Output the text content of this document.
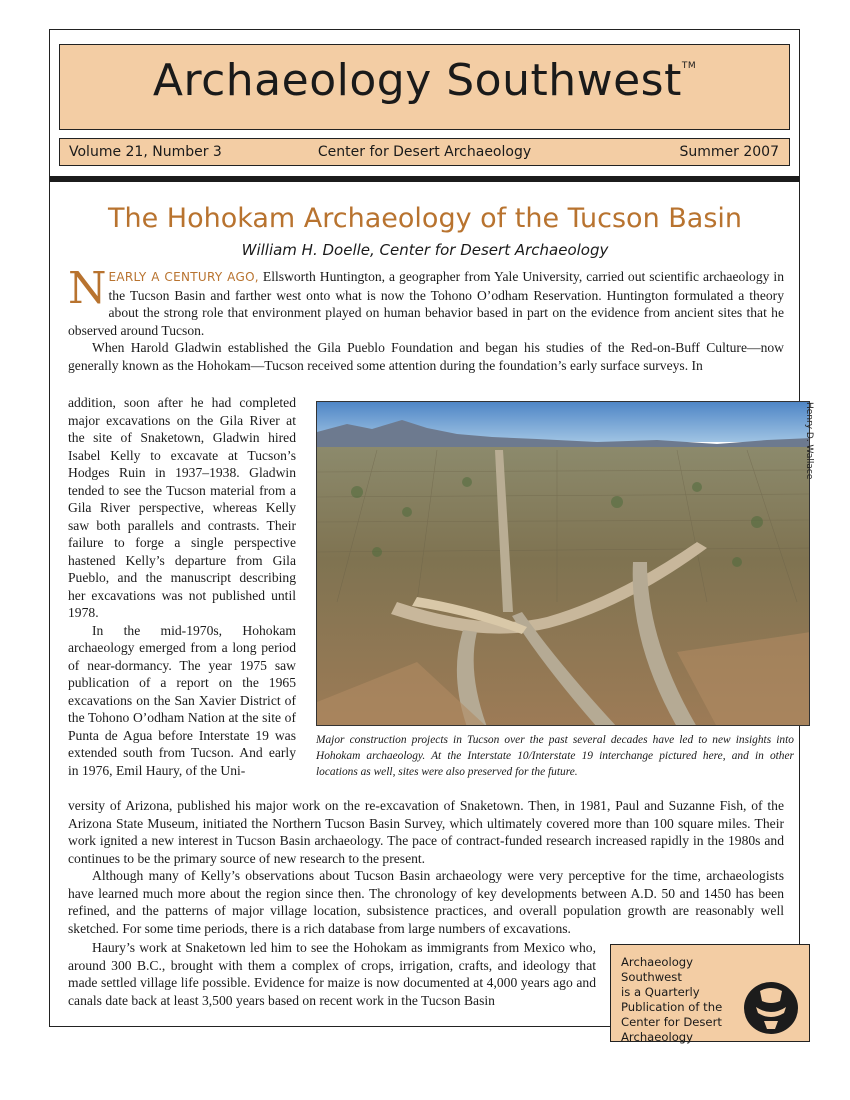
Archaeology Southwest™
Volume 21, Number 3	Center for Desert Archaeology	Summer 2007
The Hohokam Archaeology of the Tucson Basin
William H. Doelle, Center for Desert Archaeology
NEARLY A CENTURY AGO, Ellsworth Huntington, a geographer from Yale University, carried out scientific archaeology in the Tucson Basin and farther west onto what is now the Tohono O’odham Reservation. Huntington formulated a theory about the strong role that environment played on human behavior based in part on the evidence from ancient sites that he observed around Tucson.
When Harold Gladwin established the Gila Pueblo Foundation and began his studies of the Red-on-Buff Culture—now generally known as the Hohokam—Tucson received some attention during the foundation’s early surface surveys. In
addition, soon after he had completed major excavations on the Gila River at the site of Snaketown, Gladwin hired Isabel Kelly to excavate at Tucson’s Hodges Ruin in 1937–1938. Gladwin tended to see the Tucson material from a Gila River perspective, whereas Kelly saw both parallels and contrasts. Their failure to forge a single perspective hastened Kelly’s departure from Gila Pueblo, and the manuscript describing her excavations was not published until 1978.
In the mid-1970s, Hohokam archaeology emerged from a long period of near-dormancy. The year 1975 saw publication of a report on the 1965 excavations on the San Xavier District of the Tohono O’odham Nation at the site of Punta de Agua before Interstate 19 was extended south from Tucson. And early in 1976, Emil Haury, of the Uni-
Henry D. Wallace
Major construction projects in Tucson over the past several decades have led to new insights into Hohokam archaeology. At the Interstate 10/Interstate 19 interchange pictured here, and in other locations as well, sites were also preserved for the future.
versity of Arizona, published his major work on the re-excavation of Snaketown. Then, in 1981, Paul and Suzanne Fish, of the Arizona State Museum, initiated the Northern Tucson Basin Survey, which ultimately covered more than 100 square miles. Their work ignited a new interest in Tucson Basin archaeology. The pace of contract-funded research increased rapidly in the 1980s and continues to be the primary source of new research to the present.
Although many of Kelly’s observations about Tucson Basin archaeology were very perceptive for the time, archaeologists have learned much more about the region since then. The chronology of key developments between A.D. 50 and 1450 has been refined, and the patterns of major village location, subsistence practices, and overall population growth are reasonably well sketched. For some time periods, there is a rich database from large numbers of excavations.
Haury’s work at Snaketown led him to see the Hohokam as immigrants from Mexico who, around 300 B.C., brought with them a complex of crops, irrigation, crafts, and ideology that made settled village life possible. Evidence for maize is now documented at 4,000 years ago and canals date back at least 3,500 years based on recent work in the Tucson Basin
Archaeology Southwest
is a Quarterly
Publication of the
Center for Desert
Archaeology
